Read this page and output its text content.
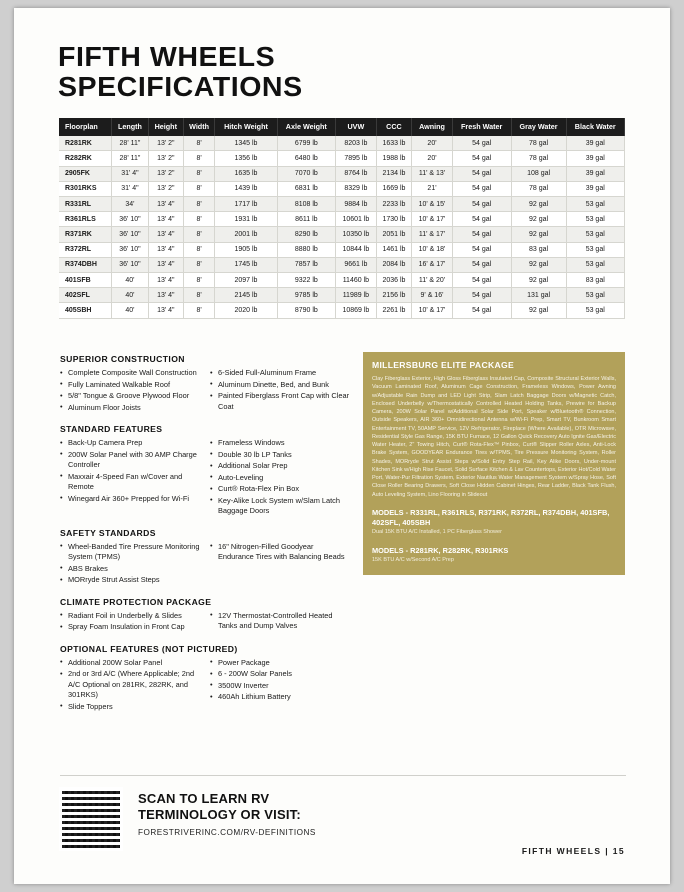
FIFTH WHEELS
SPECIFICATIONS
Floorplan	Length	Height	Width	Hitch Weight	Axle Weight	UVW	CCC	Awning	Fresh Water	Gray Water	Black Water
R281RK	28' 11"	13' 2"	8'	1345 lb	6799 lb	8203 lb	1633 lb	20'	54 gal	78 gal	39 gal
R282RK	28' 11"	13' 2"	8'	1356 lb	6480 lb	7895 lb	1988 lb	20'	54 gal	78 gal	39 gal
2905FK	31' 4"	13' 2"	8'	1635 lb	7070 lb	8764 lb	2134 lb	11' & 13'	54 gal	108 gal	39 gal
R301RKS	31' 4"	13' 2"	8'	1439 lb	6831 lb	8329 lb	1669 lb	21'	54 gal	78 gal	39 gal
R331RL	34'	13' 4"	8'	1717 lb	8108 lb	9884 lb	2233 lb	10' & 15'	54 gal	92 gal	53 gal
R361RLS	36' 10"	13' 4"	8'	1931 lb	8611 lb	10601 lb	1730 lb	10' & 17'	54 gal	92 gal	53 gal
R371RK	36' 10"	13' 4"	8'	2001 lb	8290 lb	10350 lb	2051 lb	11' & 17'	54 gal	92 gal	53 gal
R372RL	36' 10"	13' 4"	8'	1905 lb	8880 lb	10844 lb	1461 lb	10' & 18'	54 gal	83 gal	53 gal
R374DBH	36' 10"	13' 4"	8'	1745 lb	7857 lb	9661 lb	2084 lb	16' & 17'	54 gal	92 gal	53 gal
401SFB	40'	13' 4"	8'	2097 lb	9322 lb	11460 lb	2036 lb	11' & 20'	54 gal	92 gal	83 gal
402SFL	40'	13' 4"	8'	2145 lb	9785 lb	11989 lb	2156 lb	9' & 16'	54 gal	131 gal	53 gal
405SBH	40'	13' 4"	8'	2020 lb	8790 lb	10869 lb	2261 lb	10' & 17'	54 gal	92 gal	53 gal
SUPERIOR CONSTRUCTION
• Complete Composite Wall Construction
• Fully Laminated Walkable Roof
• 5/8" Tongue & Groove Plywood Floor
• Aluminum Floor Joists
• 6-Sided Full-Aluminum Frame
• Aluminum Dinette, Bed, and Bunk
• Painted Fiberglass Front Cap with Clear Coat
STANDARD FEATURES
• Back-Up Camera Prep
• 200W Solar Panel with 30 AMP Charge Controller
• Maxxair 4-Speed Fan w/Cover and Remote
• Winegard Air 360+ Prepped for Wi-Fi
• Frameless Windows
• Double 30 lb LP Tanks
• Additional Solar Prep
• Auto-Leveling
• Curt® Rota-Flex Pin Box
• Key-Alike Lock System w/Slam Latch Baggage Doors
SAFETY STANDARDS
• Wheel-Banded Tire Pressure Monitoring System (TPMS)
• ABS Brakes
• MORryde Strut Assist Steps
• 16" Nitrogen-Filled Goodyear Endurance Tires with Balancing Beads
CLIMATE PROTECTION PACKAGE
• Radiant Foil in Underbelly & Slides
• Spray Foam Insulation in Front Cap
• 12V Thermostat-Controlled Heated Tanks and Dump Valves
OPTIONAL FEATURES (NOT PICTURED)
• Additional 200W Solar Panel
• 2nd or 3rd A/C (Where Applicable; 2nd A/C Optional on 281RK, 282RK, and 301RKS)
• Slide Toppers
• Power Package
• 6 - 200W Solar Panels
• 3500W Inverter
• 460Ah Lithium Battery
MILLERSBURG ELITE PACKAGE
Clay Fiberglass Exterior, High Gloss Fiberglass Insulated Cap, Composite Structural Exterior Walls, Vacuum Laminated Roof, Aluminum Cage Construction, Frameless Windows, Power Awning w/Adjustable Rain Dump and LED Light Strip, Slam Latch Baggage Doors w/Magnetic Catch, Enclosed Underbelly w/Thermostatically Controlled Heated Holding Tanks, Prewire for Backup Camera, 200W Solar Panel w/Additional Solar Side Port, Speaker w/Bluetooth® Connection, Outside Speakers, AIR 360+ Omnidirectional Antenna w/Wi-Fi Prep, Smart TV, Bunkroom Smart Entertainment TV, 50AMP Service, 12V Refrigerator, Fireplace (Where Available), OTR Microwave, Residential Style Gas Range, 15K BTU Furnace, 12 Gallon Quick Recovery Auto Ignite Gas/Electric Water Heater, 2" Towing Hitch, Curt® Rota-Flex™ Pinbox, Curt® Slipper Roller Axles, Anti-Lock Brake System, GOODYEAR Endurance Tires w/TPMS, Tire Pressure Monitoring System, Roller Shades, MORryde Strut Assist Steps w/Solid Entry Step Rail, Key Alike Doors, Under-mount Kitchen Sink w/High Rise Faucet, Solid Surface Kitchen & Lav Countertops, Exterior Hot/Cold Water Port, Water-Pur Filtration System, Exterior Nautilus Water Management System w/Spray Hose, Soft Close Roller Bearing Drawers, Soft Close Hidden Cabinet Hinges, Rear Ladder, Black Tank Flush, Auto Leveling System, Lino Flooring in Slideout
MODELS - R331RL, R361RLS, R371RK, R372RL, R374DBH, 401SFB, 402SFL, 405SBH
Dual 15K BTU A/C Installed, 1 PC Fiberglass Shower
MODELS - R281RK, R282RK, R301RKS
15K BTU A/C w/Second A/C Prep
SCAN TO LEARN RV
TERMINOLOGY OR VISIT:
FORESTRIVERINC.COM/RV-DEFINITIONS
FIFTH WHEELS | 15
